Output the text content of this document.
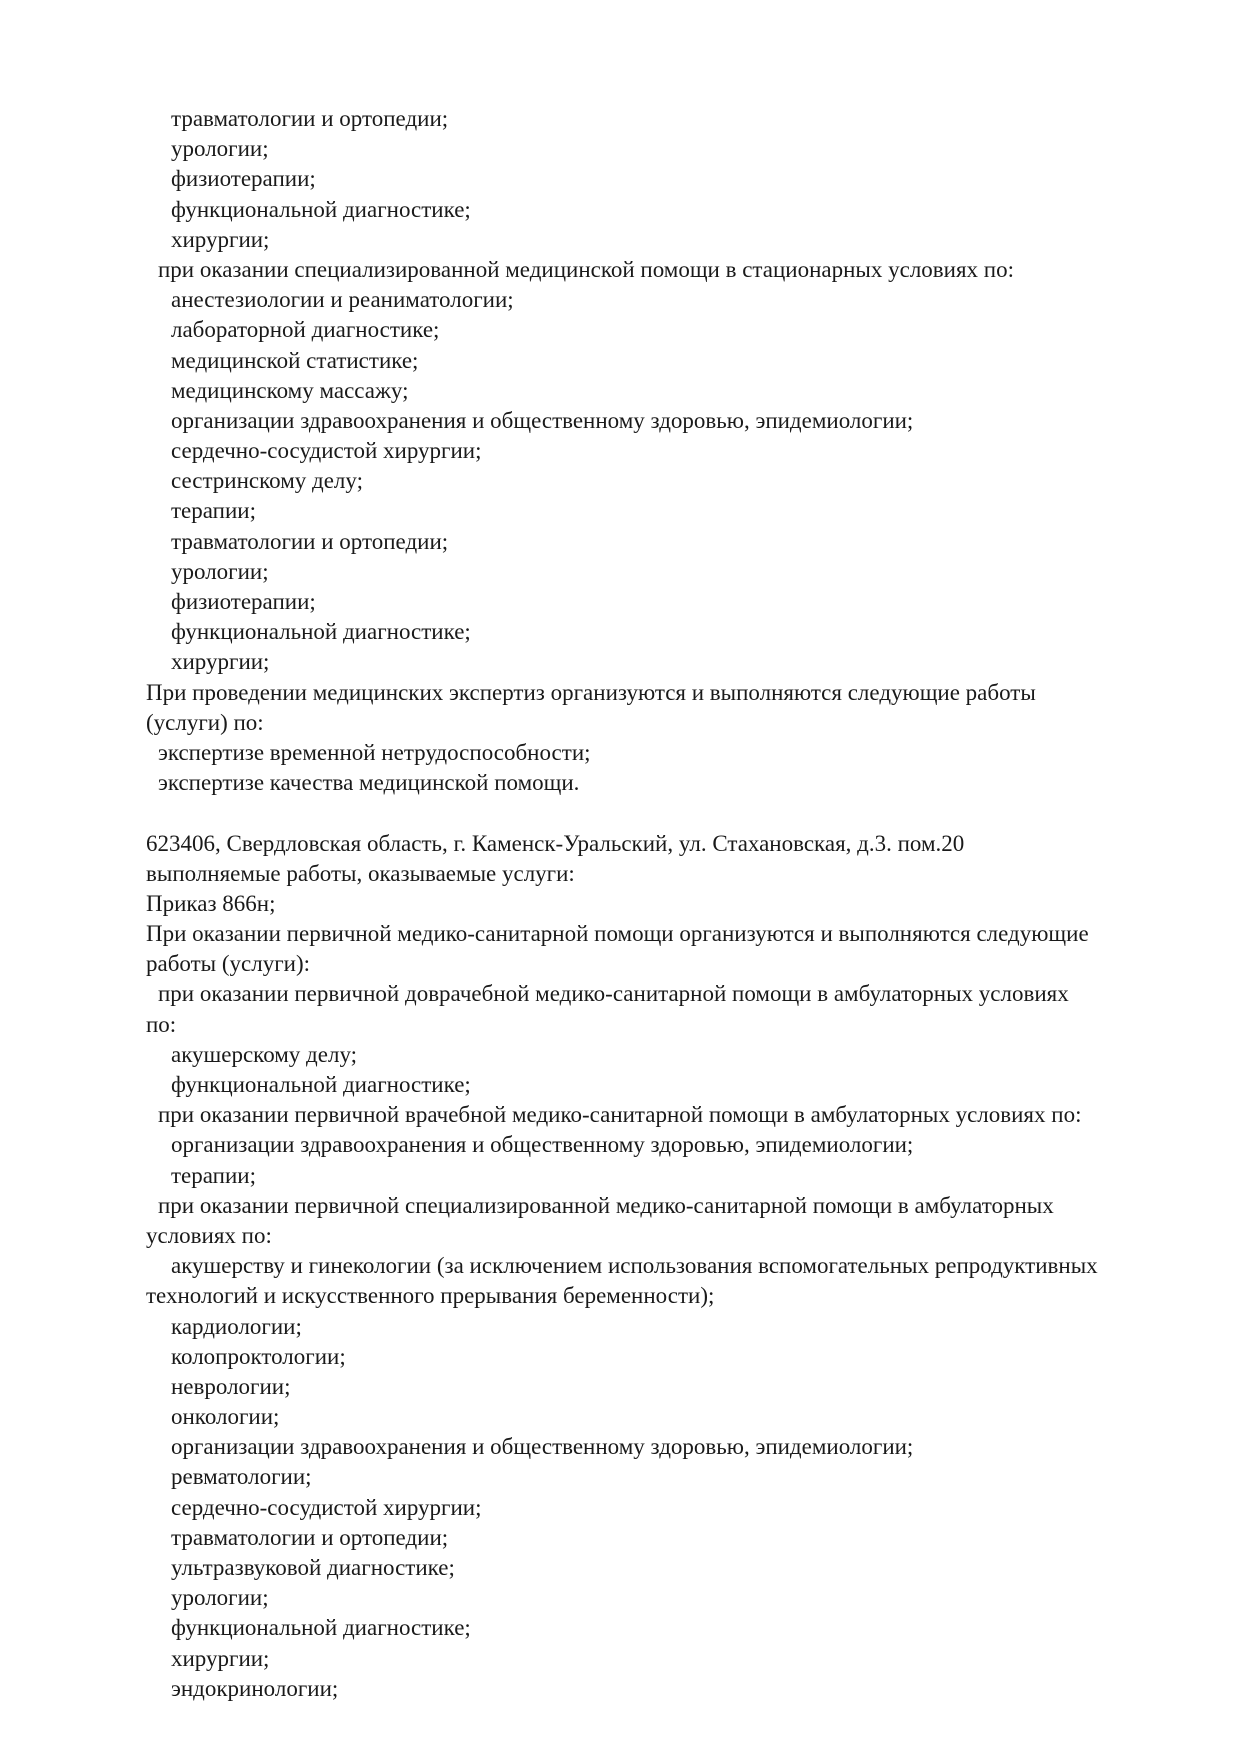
травматологии и ортопедии;
урологии;
физиотерапии;
функциональной диагностике;
хирургии;
при оказании специализированной медицинской помощи в стационарных условиях по:
анестезиологии и реаниматологии;
лабораторной диагностике;
медицинской статистике;
медицинскому массажу;
организации здравоохранения и общественному здоровью, эпидемиологии;
сердечно-сосудистой хирургии;
сестринскому делу;
терапии;
травматологии и ортопедии;
урологии;
физиотерапии;
функциональной диагностике;
хирургии;
При проведении медицинских экспертиз организуются и выполняются следующие работы
(услуги) по:
экспертизе временной нетрудоспособности;
экспертизе качества медицинской помощи.
623406, Свердловская область, г. Каменск-Уральский, ул. Стахановская, д.3. пом.20
выполняемые работы, оказываемые услуги:
Приказ 866н;
При оказании первичной медико-санитарной помощи организуются и выполняются следующие
работы (услуги):
при оказании первичной доврачебной медико-санитарной помощи в амбулаторных условиях
по:
акушерскому делу;
функциональной диагностике;
при оказании первичной врачебной медико-санитарной помощи в амбулаторных условиях по:
организации здравоохранения и общественному здоровью, эпидемиологии;
терапии;
при оказании первичной специализированной медико-санитарной помощи в амбулаторных
условиях по:
акушерству и гинекологии (за исключением использования вспомогательных репродуктивных
технологий и искусственного прерывания беременности);
кардиологии;
колопроктологии;
неврологии;
онкологии;
организации здравоохранения и общественному здоровью, эпидемиологии;
ревматологии;
сердечно-сосудистой хирургии;
травматологии и ортопедии;
ультразвуковой диагностике;
урологии;
функциональной диагностике;
хирургии;
эндокринологии;
